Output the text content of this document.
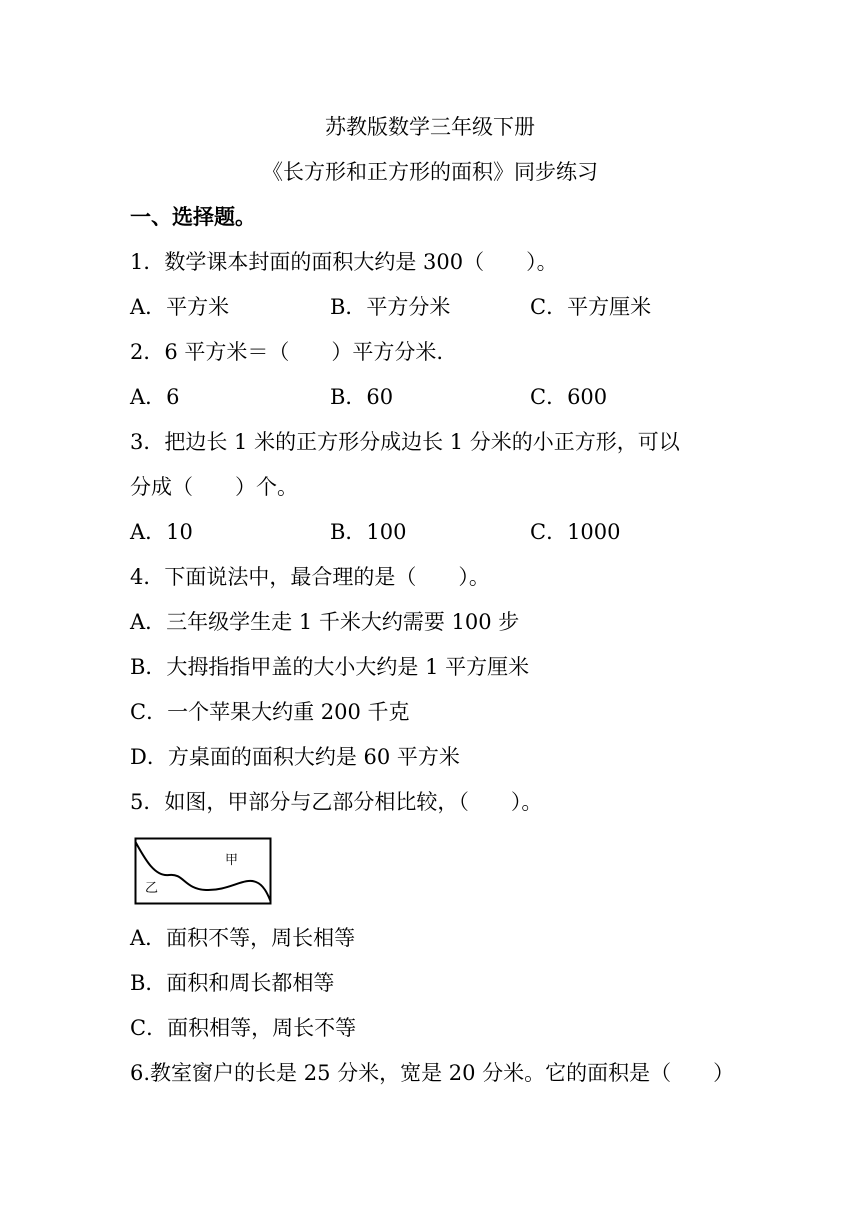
苏教版数学三年级下册
《长方形和正方形的面积》同步练习
一、选择题。
1．数学课本封面的面积大约是 300（　　）。
A．平方米	B．平方分米	C．平方厘米
2．6 平方米＝（　　）平方分米.
A．6	B．60	C．600
3．把边长 1 米的正方形分成边长 1 分米的小正方形，可以
分成（　　）个。
A．10	B．100	C．1000
4．下面说法中，最合理的是（　　）。
A．三年级学生走 1 千米大约需要 100 步
B．大拇指指甲盖的大小大约是 1 平方厘米
C．一个苹果大约重 200 千克
D．方桌面的面积大约是 60 平方米
5．如图，甲部分与乙部分相比较，（　　）。
甲
乙
A．面积不等，周长相等
B．面积和周长都相等
C．面积相等，周长不等
6.教室窗户的长是 25 分米，宽是 20 分米。它的面积是（　　）
